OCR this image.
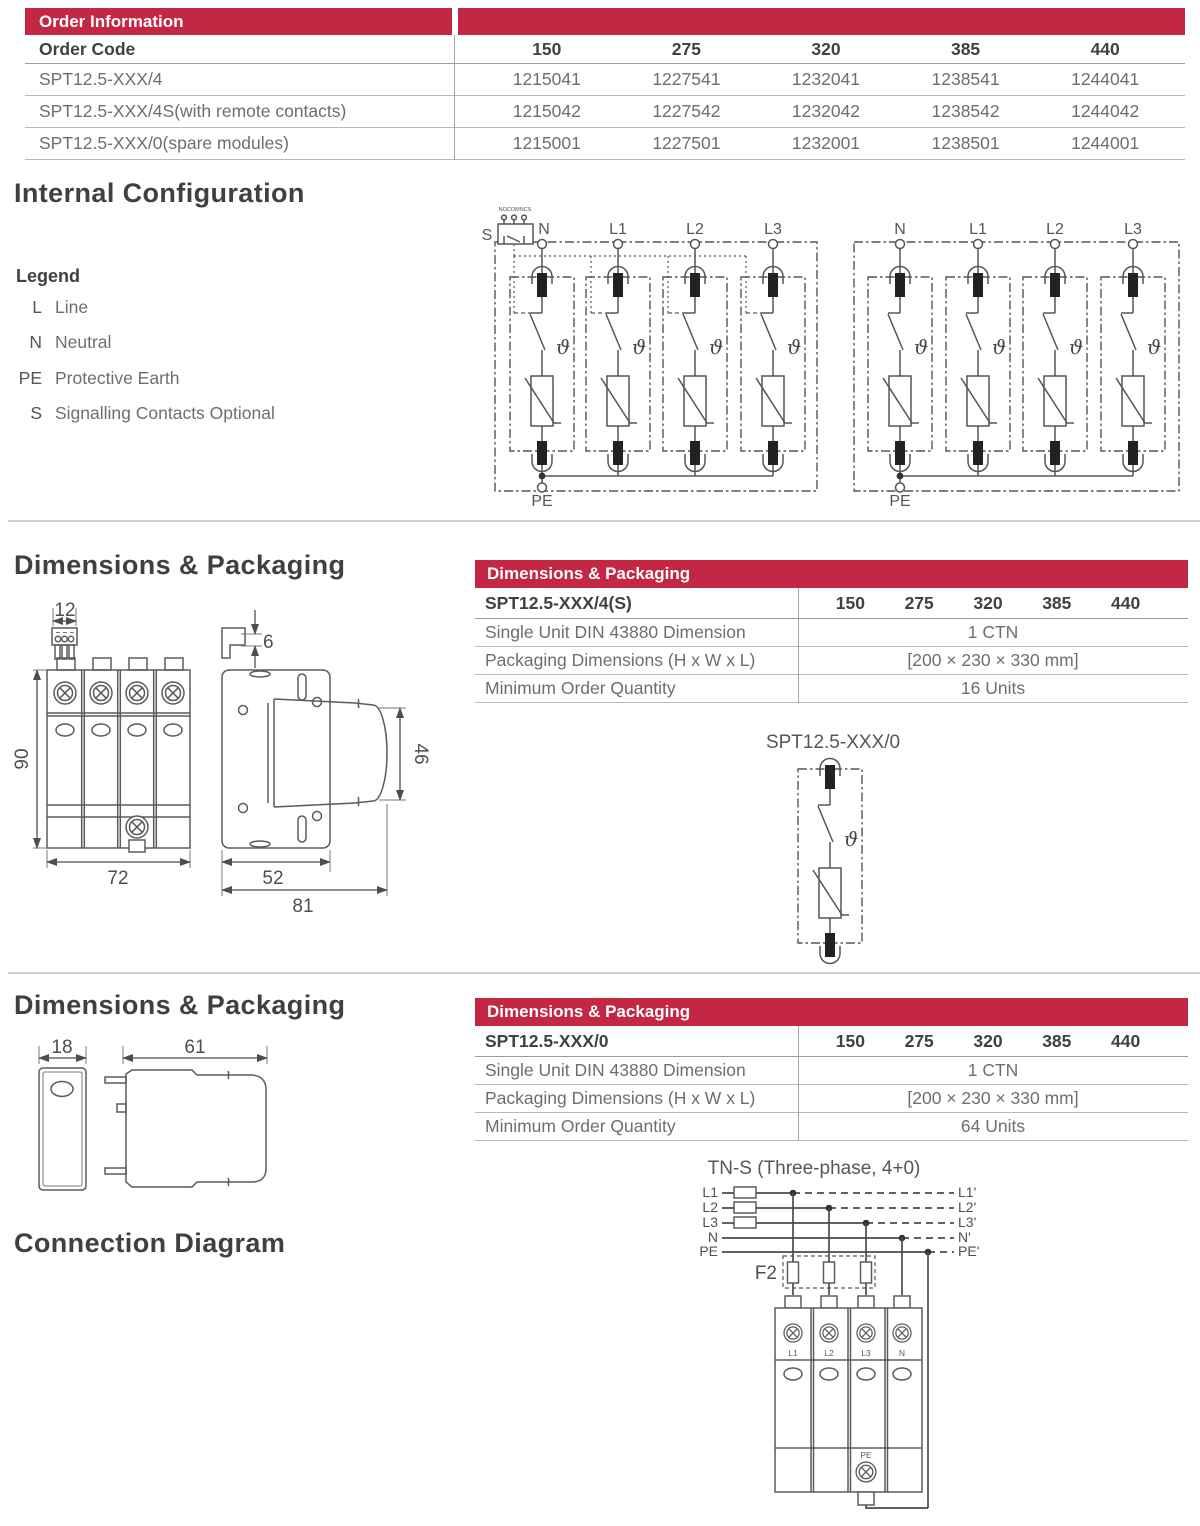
ϑ
Order Information
Order Code	150	275	320	385	440
SPT12.5-XXX/4	1215041	1227541	1232041	1238541	1244041
SPT12.5-XXX/4S(with remote contacts)	1215042	1227542	1232042	1238542	1244042
SPT12.5-XXX/0(spare modules)	1215001	1227501	1232001	1238501	1244001
Internal Configuration
Legend
L Line
N Neutral
PE Protective Earth
S Signalling Contacts Optional
NOCOMNCS
S	N	L1	L2	L3
PE
N	L1	L2	L3
PE
Dimensions & Packaging
12
90
72
6
46
52
81
Dimensions & Packaging
SPT12.5-XXX/4(S)	150	275	320	385	440
Single Unit DIN 43880 Dimension	1 CTN
Packaging Dimensions (H x W x L)	[200 × 230 × 330 mm]
Minimum Order Quantity	16 Units
SPT12.5-XXX/0
Dimensions & Packaging
18	61
Dimensions & Packaging
SPT12.5-XXX/0	150	275	320	385	440
Single Unit DIN 43880 Dimension	1 CTN
Packaging Dimensions (H x W x L)	[200 × 230 × 330 mm]
Minimum Order Quantity	64 Units
Connection Diagram
TN-S (Three-phase, 4+0)
L1
L2
L3
N
PE
L1'
L2'
L3'
N'
PE'
F2
L1	L2	L3	N
PE
